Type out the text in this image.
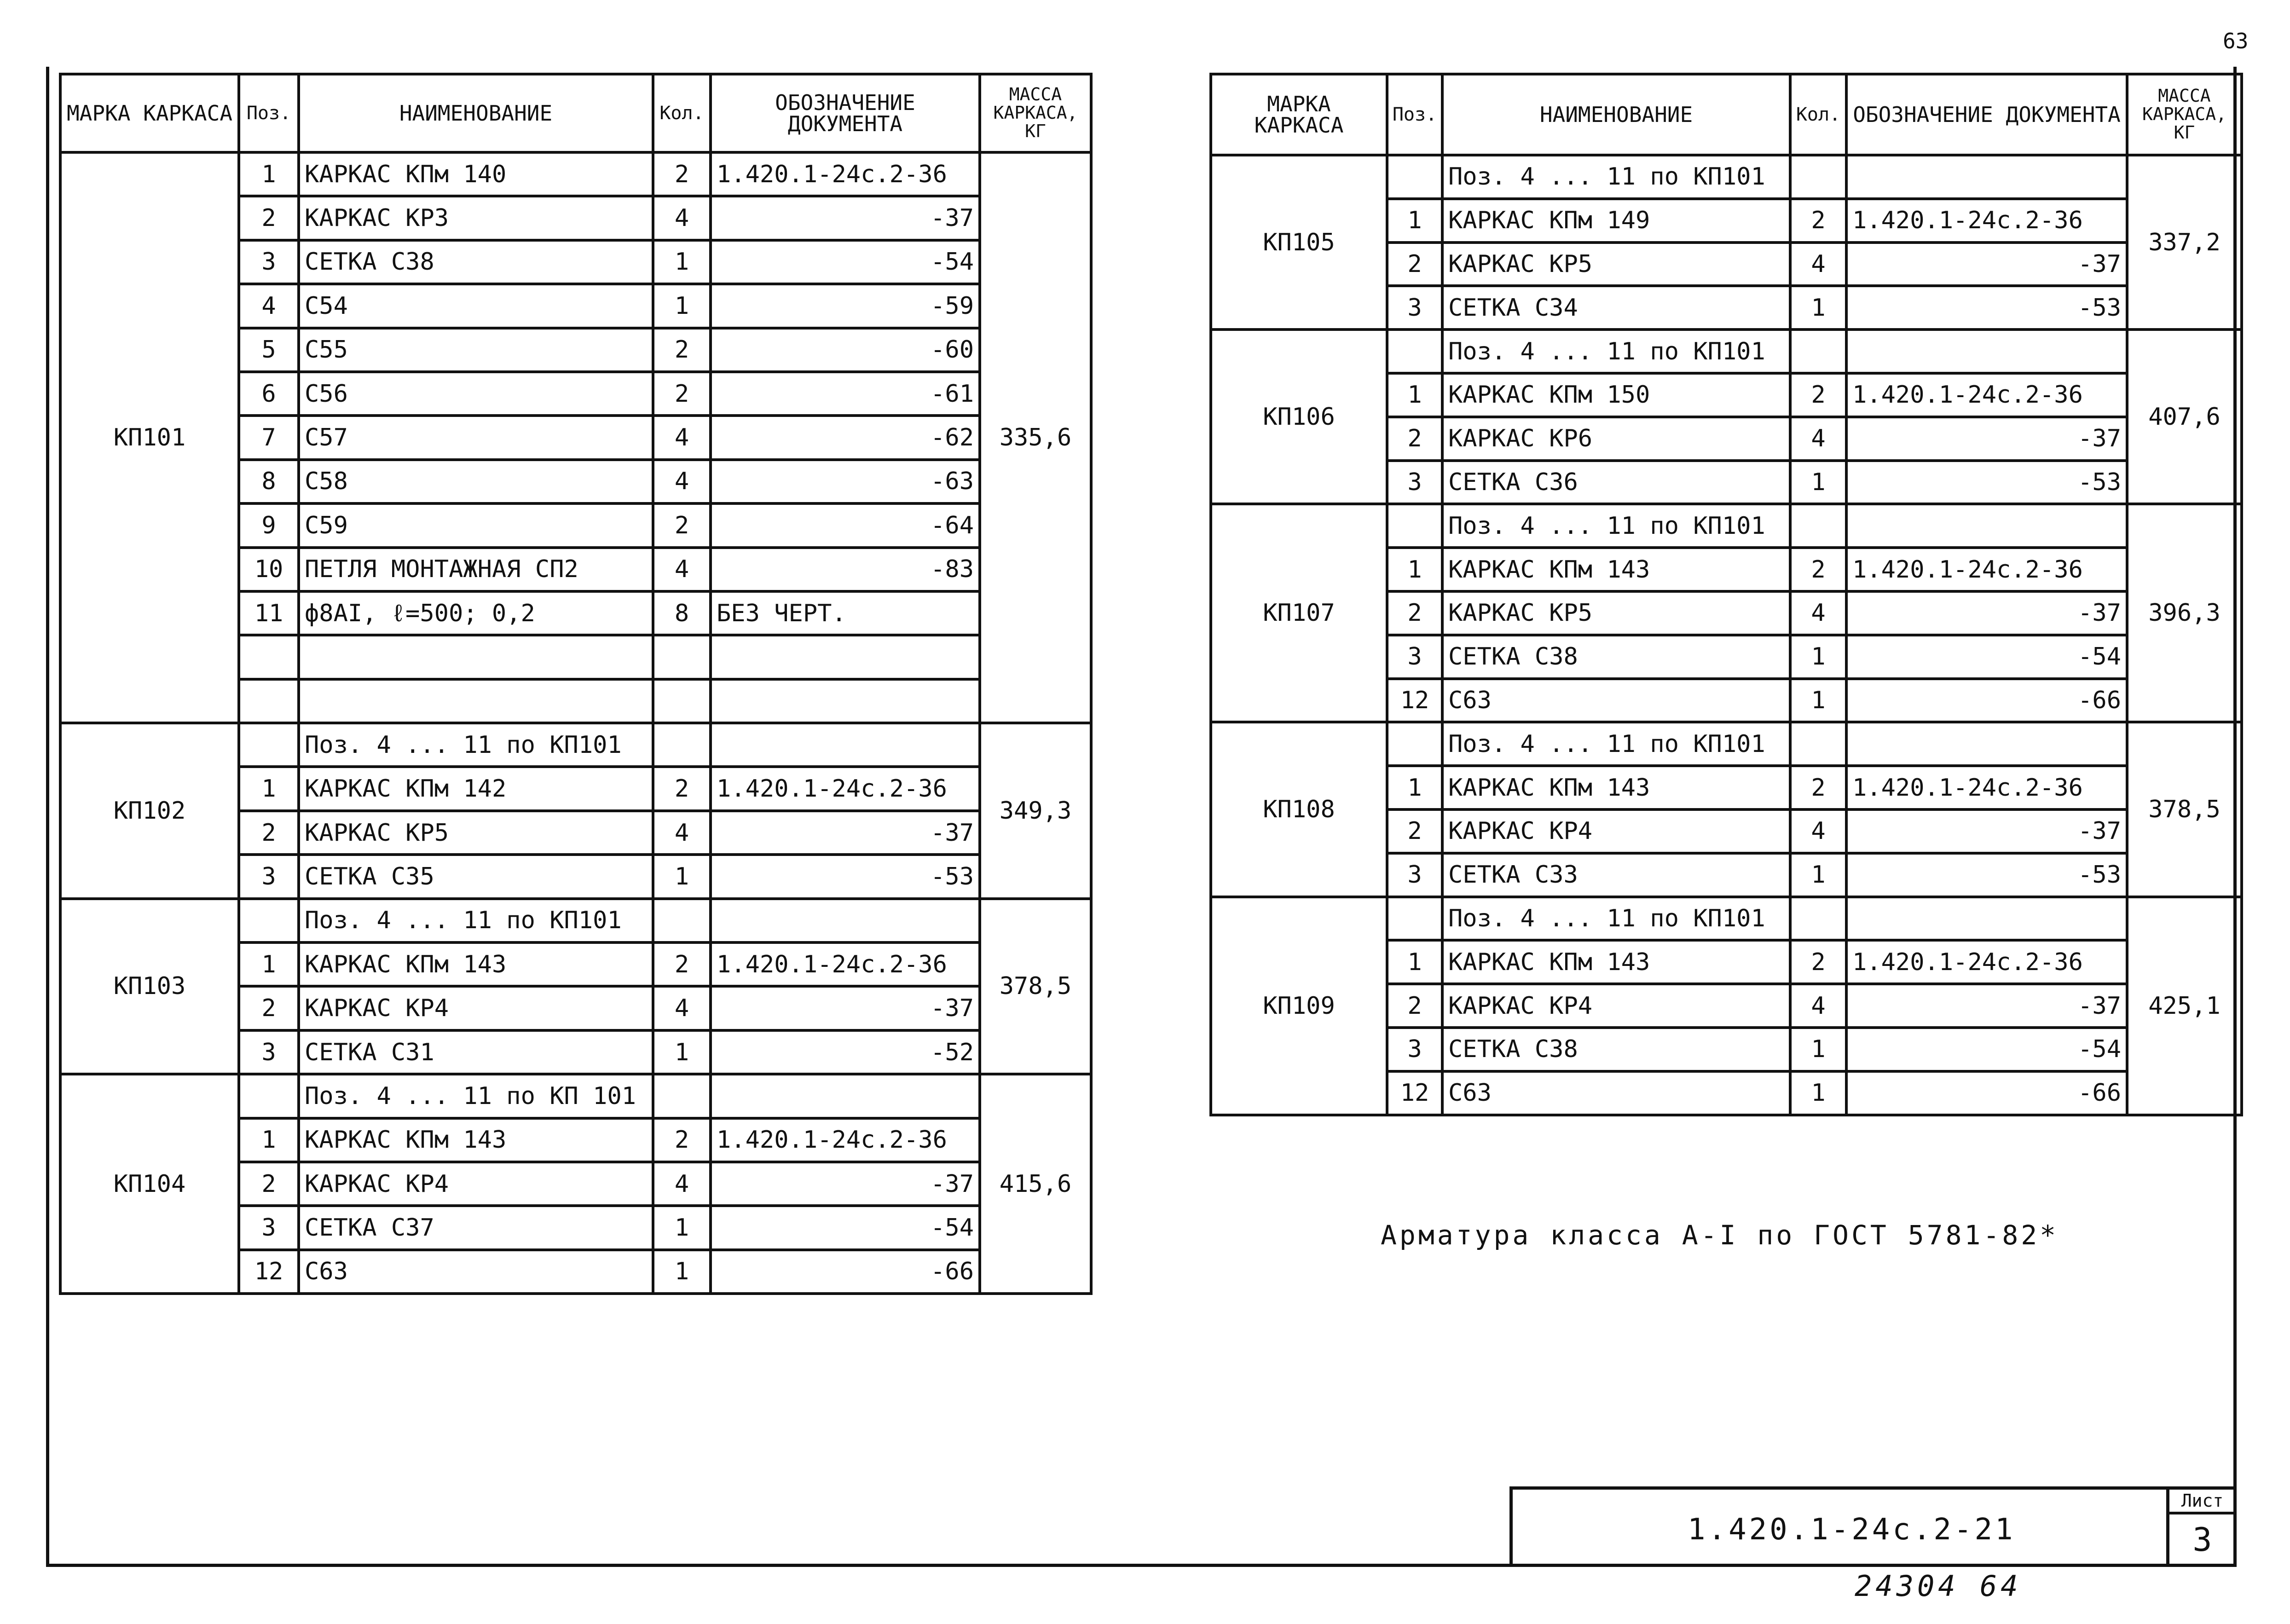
63
МАРКА КАРКАСА	Поз.	НАИМЕНОВАНИЕ	Кол.	ОБОЗНАЧЕНИЕ ДОКУМЕНТА	МАССА КАРКАСА, КГ
КП101	1	КАРКАС КПм 140	2	1.420.1-24с.2-36	335,6
	2	КАРКАС КР3	4	-37	
	3	СЕТКА С38	1	-54	
	4	С54	1	-59	
	5	С55	2	-60	
	6	С56	2	-61	
	7	С57	4	-62	
	8	С58	4	-63	
	9	С59	2	-64	
	10	ПЕТЛЯ МОНТАЖНАЯ СП2	4	-83	
	11	ф8АI, ℓ=500; 0,2	8	БЕЗ ЧЕРТ.	

КП102		Поз. 4 ... 11 по КП101			349,3
	1	КАРКАС КПм 142	2	1.420.1-24с.2-36	
	2	КАРКАС КР5	4	-37	
	3	СЕТКА С35	1	-53	
КП103		Поз. 4 ... 11 по КП101			378,5
	1	КАРКАС КПм 143	2	1.420.1-24с.2-36	
	2	КАРКАС КР4	4	-37	
	3	СЕТКА С31	1	-52	
КП104		Поз. 4 ... 11 по КП 101			415,6
	1	КАРКАС КПм 143	2	1.420.1-24с.2-36	
	2	КАРКАС КР4	4	-37	
	3	СЕТКА С37	1	-54	
	12	С63	1	-66	
МАРКА КАРКАСА	Поз.	НАИМЕНОВАНИЕ	Кол.	ОБОЗНАЧЕНИЕ ДОКУМЕНТА	МАССА КАРКАСА, КГ
КП105		Поз. 4 ... 11 по КП101			337,2
	1	КАРКАС КПм 149	2	1.420.1-24с.2-36	
	2	КАРКАС КР5	4	-37	
	3	СЕТКА С34	1	-53	
КП106		Поз. 4 ... 11 по КП101			407,6
	1	КАРКАС КПм 150	2	1.420.1-24с.2-36	
	2	КАРКАС КР6	4	-37	
	3	СЕТКА С36	1	-53	
КП107		Поз. 4 ... 11 по КП101			396,3
	1	КАРКАС КПм 143	2	1.420.1-24с.2-36	
	2	КАРКАС КР5	4	-37	
	3	СЕТКА С38	1	-54	
	12	С63	1	-66	
КП108		Поз. 4 ... 11 по КП101			378,5
	1	КАРКАС КПм 143	2	1.420.1-24с.2-36	
	2	КАРКАС КР4	4	-37	
	3	СЕТКА С33	1	-53	
КП109		Поз. 4 ... 11 по КП101			425,1
	1	КАРКАС КПм 143	2	1.420.1-24с.2-36	
	2	КАРКАС КР4	4	-37	
	3	СЕТКА С38	1	-54	
	12	С63	1	-66	
Арматура класса А-I по ГОСТ 5781-82*
1.420.1-24с.2-21
Лист
3
24304 64
